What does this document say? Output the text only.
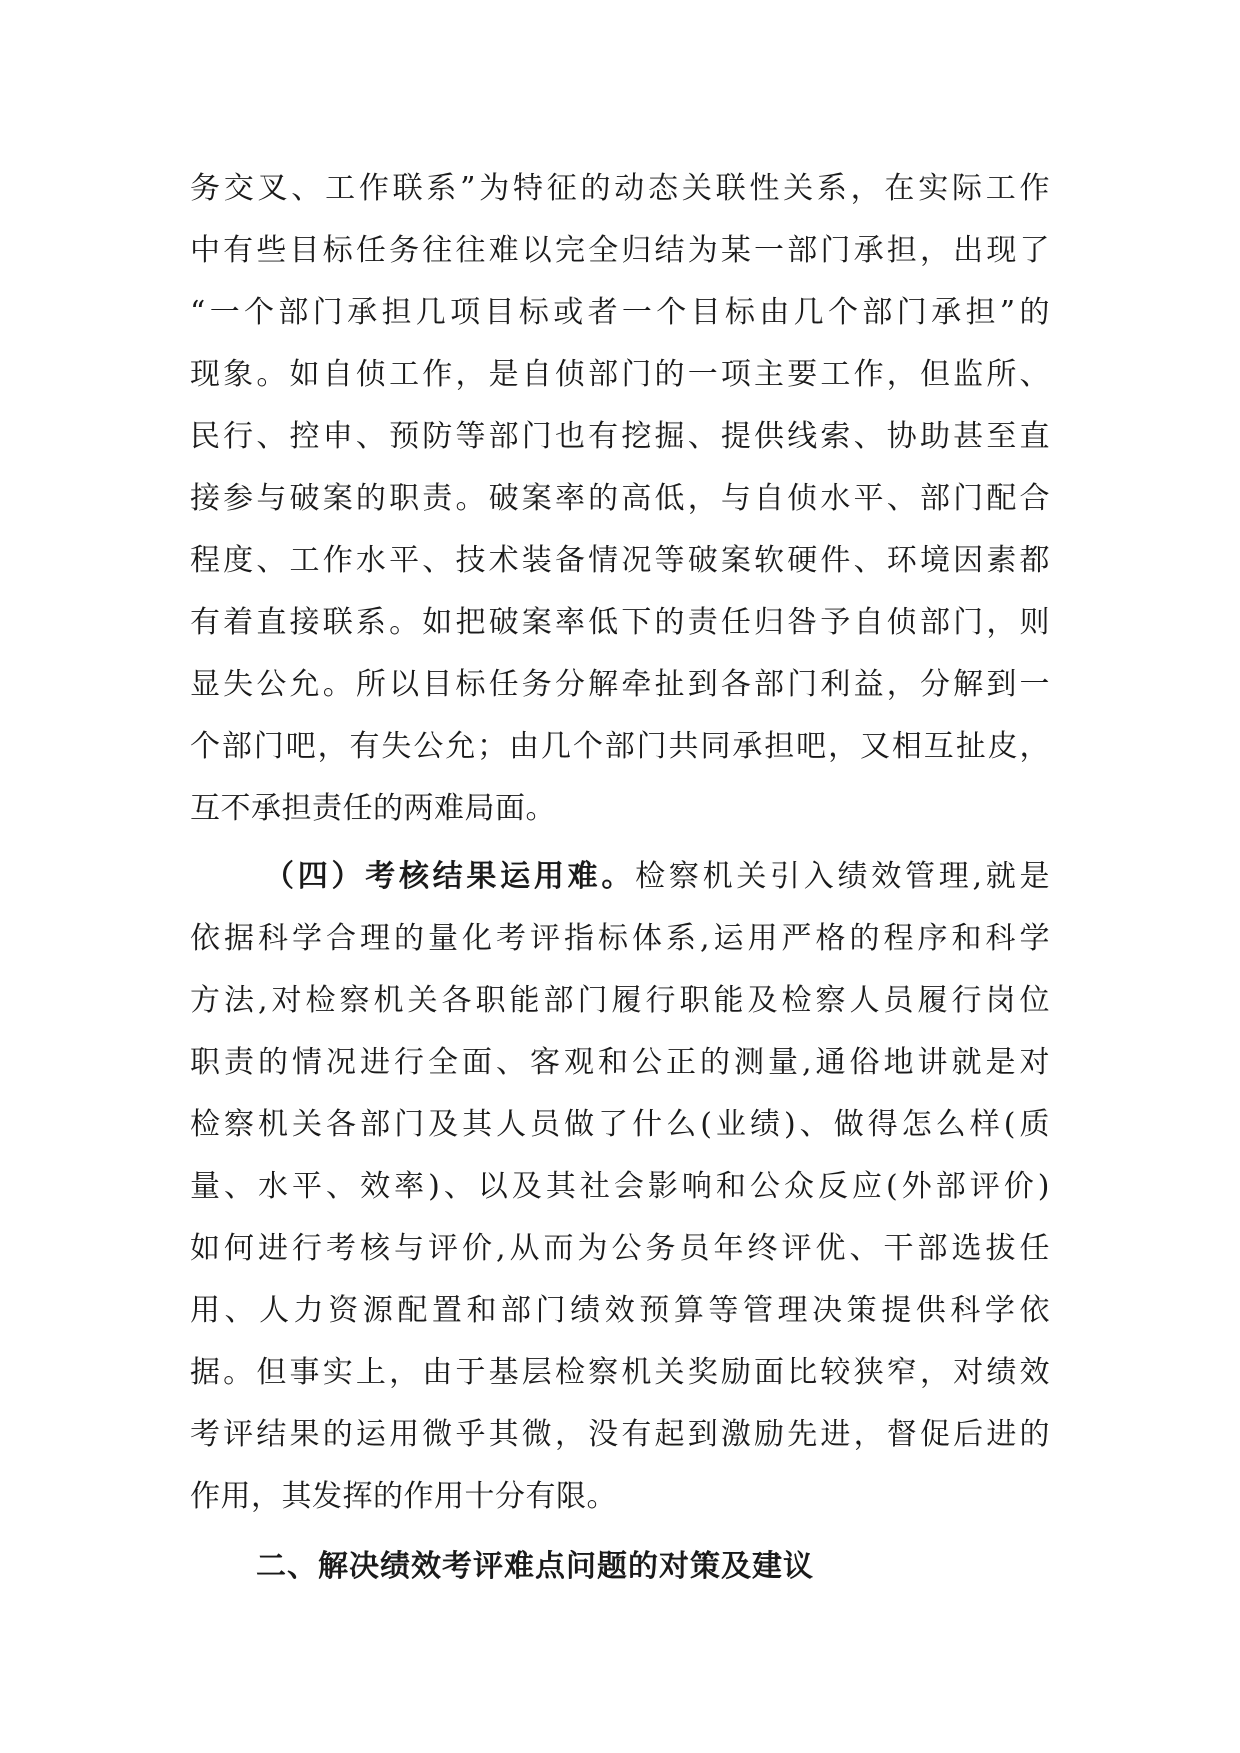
务交叉、工作联系”为特征的动态关联性关系，在实际工作
中有些目标任务往往难以完全归结为某一部门承担，出现了
“一个部门承担几项目标或者一个目标由几个部门承担”的
现象。如自侦工作，是自侦部门的一项主要工作，但监所、
民行、控申、预防等部门也有挖掘、提供线索、协助甚至直
接参与破案的职责。破案率的高低，与自侦水平、部门配合
程度、工作水平、技术装备情况等破案软硬件、环境因素都
有着直接联系。如把破案率低下的责任归咎予自侦部门，则
显失公允。所以目标任务分解牵扯到各部门利益，分解到一
个部门吧，有失公允；由几个部门共同承担吧，又相互扯皮，
互不承担责任的两难局面。
（四）考核结果运用难。检察机关引入绩效管理,就是
依据科学合理的量化考评指标体系,运用严格的程序和科学
方法,对检察机关各职能部门履行职能及检察人员履行岗位
职责的情况进行全面、客观和公正的测量,通俗地讲就是对
检察机关各部门及其人员做了什么(业绩)、做得怎么样(质
量、水平、效率)、以及其社会影响和公众反应(外部评价)
如何进行考核与评价,从而为公务员年终评优、干部选拔任
用、人力资源配置和部门绩效预算等管理决策提供科学依
据。但事实上，由于基层检察机关奖励面比较狭窄，对绩效
考评结果的运用微乎其微，没有起到激励先进，督促后进的
作用，其发挥的作用十分有限。
二、解决绩效考评难点问题的对策及建议
